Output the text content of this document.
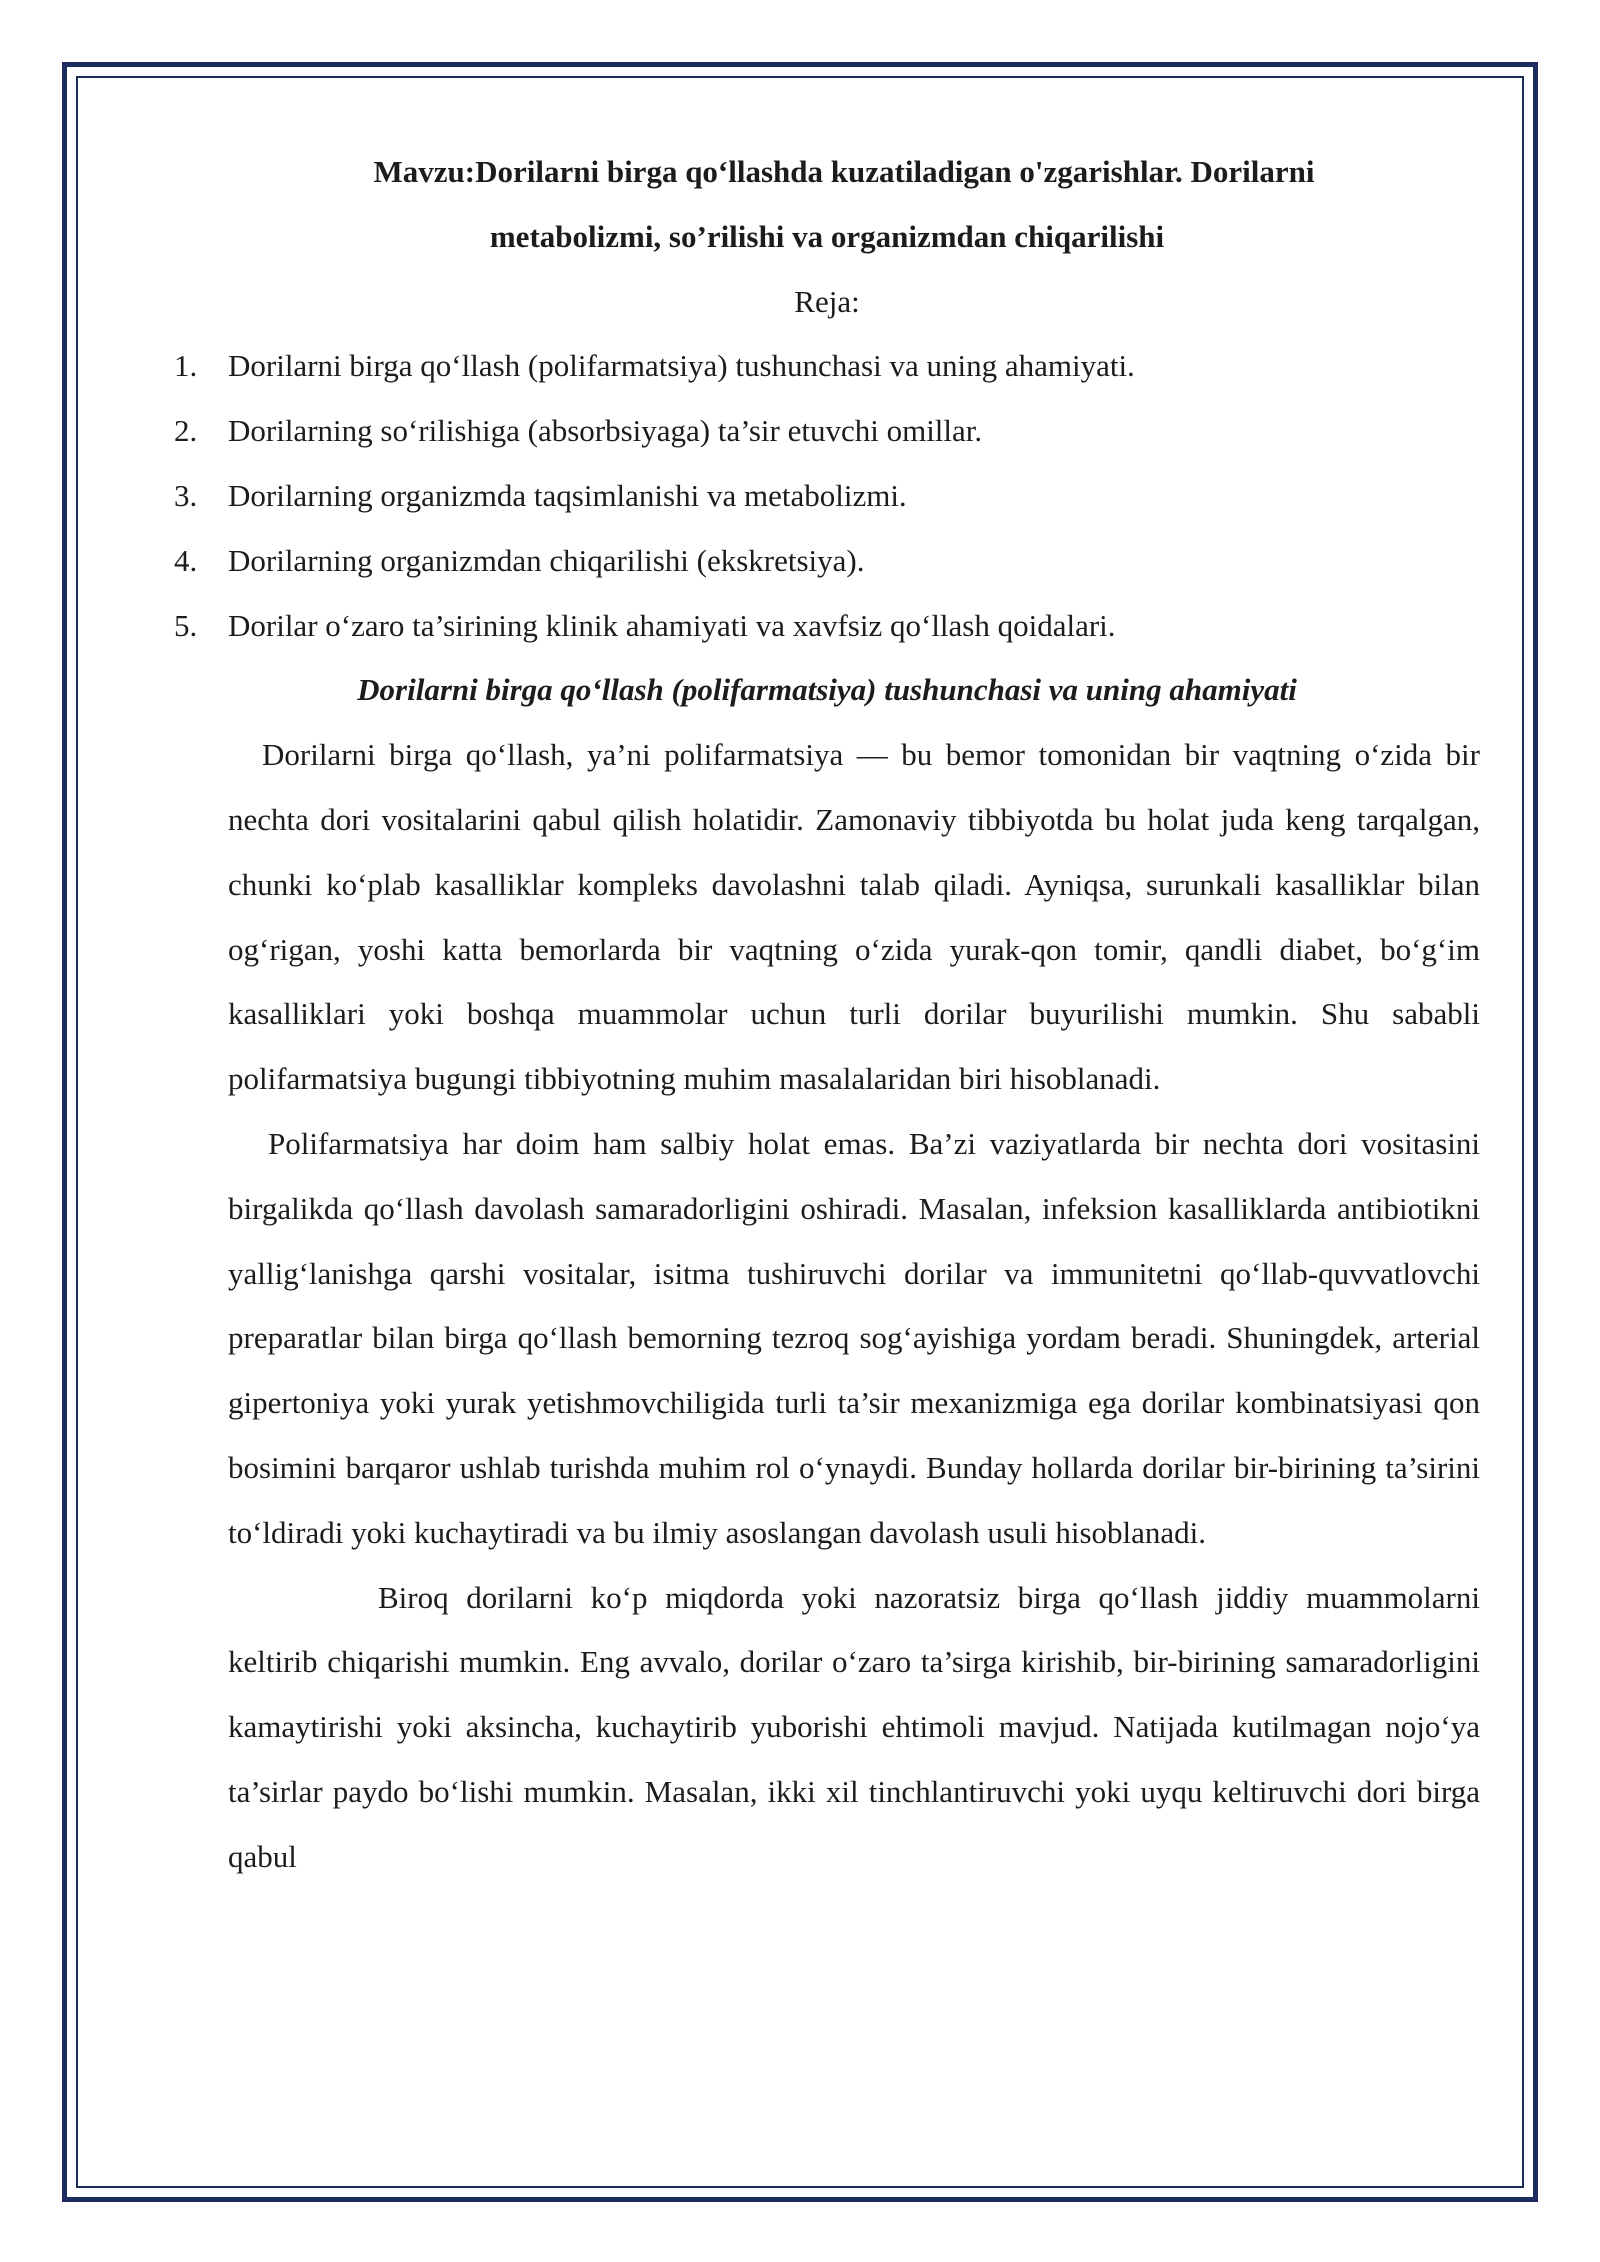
Mavzu:Dorilarni birga qo‘llashda kuzatiladigan o'zgarishlar. Dorilarni
metabolizmi, so’rilishi va organizmdan chiqarilishi

Reja:

1. Dorilarni birga qo‘llash (polifarmatsiya) tushunchasi va uning ahamiyati.
2. Dorilarning so‘rilishiga (absorbsiyaga) ta’sir etuvchi omillar.
3. Dorilarning organizmda taqsimlanishi va metabolizmi.
4. Dorilarning organizmdan chiqarilishi (ekskretsiya).
5. Dorilar o‘zaro ta’sirining klinik ahamiyati va xavfsiz qo‘llash qoidalari.
Dorilarni birga qo‘llash (polifarmatsiya) tushunchasi va uning ahamiyati

Dorilarni birga qo‘llash, ya’ni polifarmatsiya — bu bemor tomonidan bir vaqtning o‘zida bir nechta dori vositalarini qabul qilish holatidir. Zamonaviy tibbiyotda bu holat juda keng tarqalgan, chunki ko‘plab kasalliklar kompleks davolashni talab qiladi. Ayniqsa, surunkali kasalliklar bilan og‘rigan, yoshi katta bemorlarda bir vaqtning o‘zida yurak-qon tomir, qandli diabet, bo‘g‘im kasalliklari yoki boshqa muammolar uchun turli dorilar buyurilishi mumkin. Shu sababli polifarmatsiya bugungi tibbiyotning muhim masalalaridan biri hisoblanadi.

Polifarmatsiya har doim ham salbiy holat emas. Ba’zi vaziyatlarda bir nechta dori vositasini birgalikda qo‘llash davolash samaradorligini oshiradi. Masalan, infeksion kasalliklarda antibiotikni yallig‘lanishga qarshi vositalar, isitma tushiruvchi dorilar va immunitetni qo‘llab-quvvatlovchi preparatlar bilan birga qo‘llash bemorning tezroq sog‘ayishiga yordam beradi. Shuningdek, arterial gipertoniya yoki yurak yetishmovchiligida turli ta’sir mexanizmiga ega dorilar kombinatsiyasi qon bosimini barqaror ushlab turishda muhim rol o‘ynaydi. Bunday hollarda dorilar bir-birining ta’sirini to‘ldiradi yoki kuchaytiradi va bu ilmiy asoslangan davolash usuli hisoblanadi.

Biroq dorilarni ko‘p miqdorda yoki nazoratsiz birga qo‘llash jiddiy muammolarni keltirib chiqarishi mumkin. Eng avvalo, dorilar o‘zaro ta’sirga kirishib, bir-birining samaradorligini kamaytirishi yoki aksincha, kuchaytirib yuborishi ehtimoli mavjud. Natijada kutilmagan nojo‘ya ta’sirlar paydo bo‘lishi mumkin. Masalan, ikki xil tinchlantiruvchi yoki uyqu keltiruvchi dori birga qabul
